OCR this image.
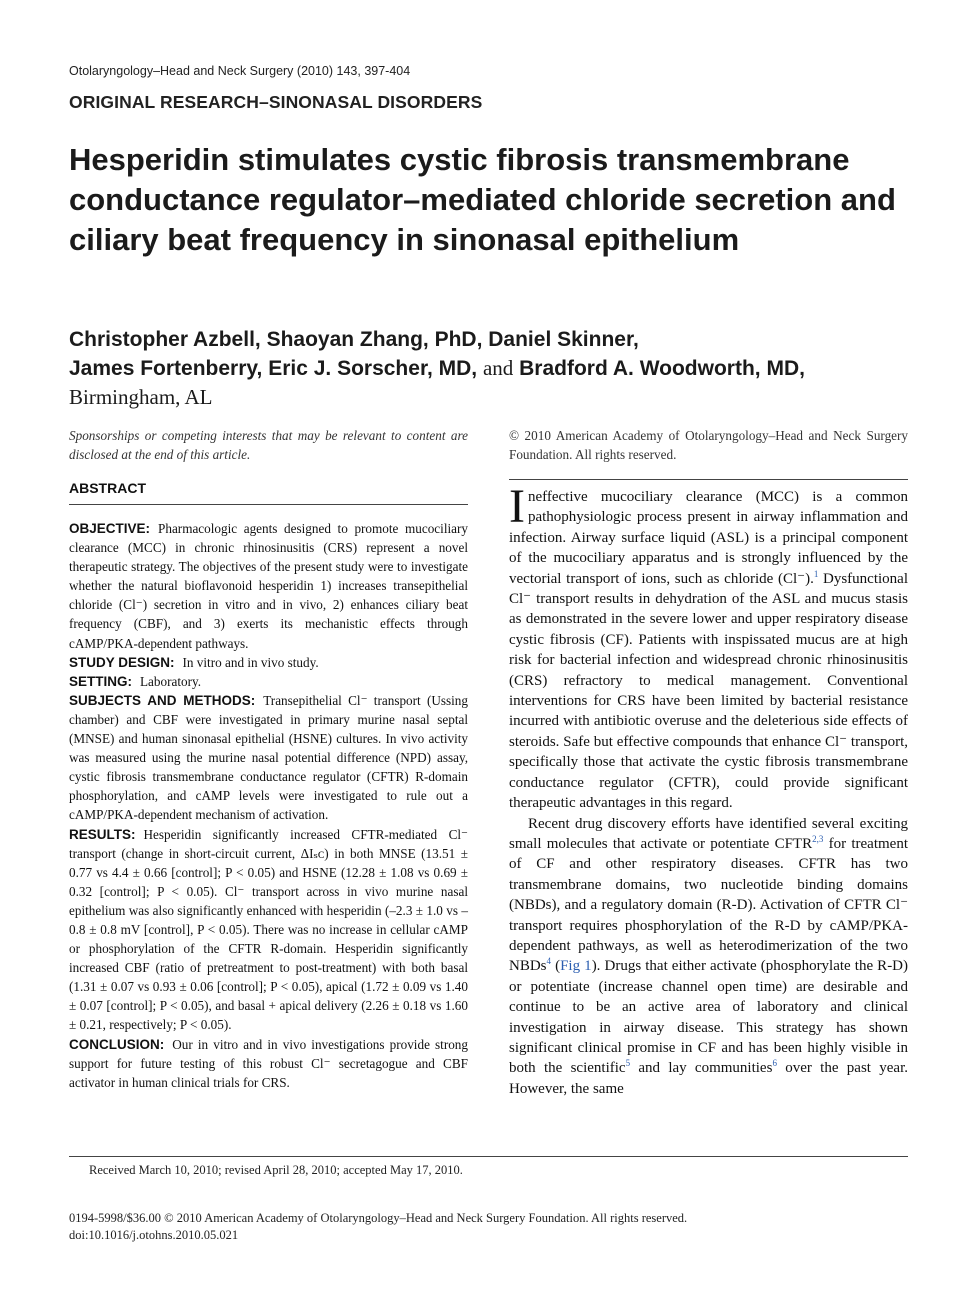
Otolaryngology–Head and Neck Surgery (2010) 143, 397-404
ORIGINAL RESEARCH–SINONASAL DISORDERS
Hesperidin stimulates cystic fibrosis transmembrane conductance regulator–mediated chloride secretion and ciliary beat frequency in sinonasal epithelium
Christopher Azbell, Shaoyan Zhang, PhD, Daniel Skinner,
James Fortenberry, Eric J. Sorscher, MD, and Bradford A. Woodworth, MD,
Birmingham, AL

Sponsorships or competing interests that may be relevant to content are disclosed at the end of this article.

ABSTRACT

OBJECTIVE: Pharmacologic agents designed to promote mucociliary clearance (MCC) in chronic rhinosinusitis (CRS) represent a novel therapeutic strategy. The objectives of the present study were to investigate whether the natural bioflavonoid hesperidin 1) increases transepithelial chloride (Cl⁻) secretion in vitro and in vivo, 2) enhances ciliary beat frequency (CBF), and 3) exerts its mechanistic effects through cAMP/PKA-dependent pathways.

STUDY DESIGN: In vitro and in vivo study.

SETTING: Laboratory.

SUBJECTS AND METHODS: Transepithelial Cl⁻ transport (Ussing chamber) and CBF were investigated in primary murine nasal septal (MNSE) and human sinonasal epithelial (HSNE) cultures. In vivo activity was measured using the murine nasal potential difference (NPD) assay, cystic fibrosis transmembrane conductance regulator (CFTR) R-domain phosphorylation, and cAMP levels were investigated to rule out a cAMP/PKA-dependent mechanism of activation.

RESULTS: Hesperidin significantly increased CFTR-mediated Cl⁻ transport (change in short-circuit current, ΔIₛᴄ) in both MNSE (13.51 ± 0.77 vs 4.4 ± 0.66 [control]; P < 0.05) and HSNE (12.28 ± 1.08 vs 0.69 ± 0.32 [control]; P < 0.05). Cl⁻ transport across in vivo murine nasal epithelium was also significantly enhanced with hesperidin (–2.3 ± 1.0 vs –0.8 ± 0.8 mV [control], P < 0.05). There was no increase in cellular cAMP or phosphorylation of the CFTR R-domain. Hesperidin significantly increased CBF (ratio of pretreatment to post-treatment) with both basal (1.31 ± 0.07 vs 0.93 ± 0.06 [control]; P < 0.05), apical (1.72 ± 0.09 vs 1.40 ± 0.07 [control]; P < 0.05), and basal + apical delivery (2.26 ± 0.18 vs 1.60 ± 0.21, respectively; P < 0.05).

CONCLUSION: Our in vitro and in vivo investigations provide strong support for future testing of this robust Cl⁻ secretagogue and CBF activator in human clinical trials for CRS.

© 2010 American Academy of Otolaryngology–Head and Neck Surgery Foundation. All rights reserved.

Ineffective mucociliary clearance (MCC) is a common pathophysiologic process present in airway inflammation and infection. Airway surface liquid (ASL) is a principal component of the mucociliary apparatus and is strongly influenced by the vectorial transport of ions, such as chloride (Cl⁻).$^1$ Dysfunctional Cl⁻ transport results in dehydration of the ASL and mucus stasis as demonstrated in the severe lower and upper respiratory disease cystic fibrosis (CF). Patients with inspissated mucus are at high risk for bacterial infection and widespread chronic rhinosinusitis (CRS) refractory to medical management. Conventional interventions for CRS have been limited by bacterial resistance incurred with antibiotic overuse and the deleterious side effects of steroids. Safe but effective compounds that enhance Cl⁻ transport, specifically those that activate the cystic fibrosis transmembrane conductance regulator (CFTR), could provide significant therapeutic advantages in this regard.

Recent drug discovery efforts have identified several exciting small molecules that activate or potentiate CFTR$^{2,3}$ for treatment of CF and other respiratory diseases. CFTR has two transmembrane domains, two nucleotide binding domains (NBDs), and a regulatory domain (R-D). Activation of CFTR Cl⁻ transport requires phosphorylation of the R-D by cAMP/PKA-dependent pathways, as well as heterodimerization of the two NBDs$^4$ (Fig 1). Drugs that either activate (phosphorylate the R-D) or potentiate (increase channel open time) are desirable and continue to be an active area of laboratory and clinical investigation in airway disease. This strategy has shown significant clinical promise in CF and has been highly visible in both the scientific$^5$ and lay communities$^6$ over the past year. However, the same

Received March 10, 2010; revised April 28, 2010; accepted May 17, 2010.
0194-5998/$36.00 © 2010 American Academy of Otolaryngology–Head and Neck Surgery Foundation. All rights reserved.
doi:10.1016/j.otohns.2010.05.021
